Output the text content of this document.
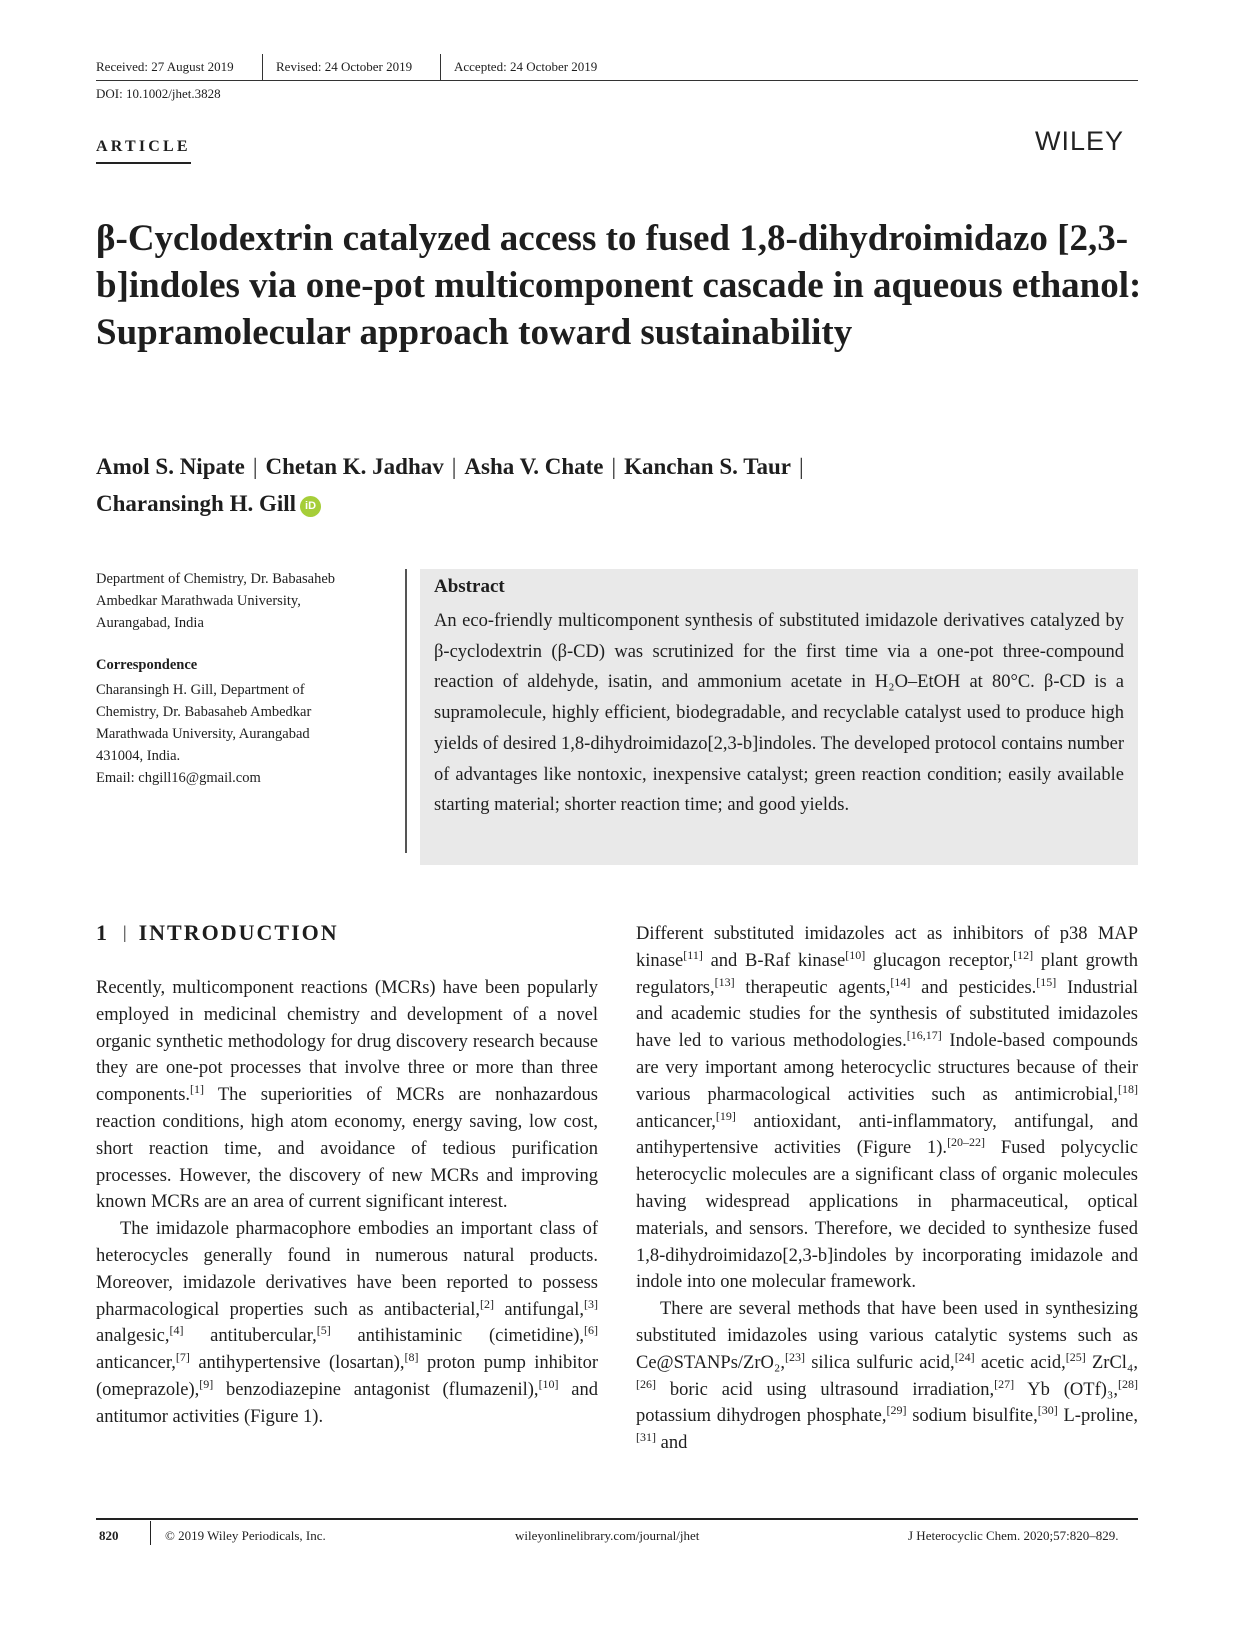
Received: 27 August 2019	Revised: 24 October 2019	Accepted: 24 October 2019
DOI: 10.1002/jhet.3828
ARTICLE	WILEY
β-Cyclodextrin catalyzed access to fused 1,8-dihydroimidazo [2,3-b]indoles via one-pot multicomponent cascade in aqueous ethanol: Supramolecular approach toward sustainability
Amol S. Nipate | Chetan K. Jadhav | Asha V. Chate | Kanchan S. Taur |
Charansingh H. Gill iD
Department of Chemistry, Dr. Babasaheb
Ambedkar Marathwada University,
Aurangabad, India
Correspondence
Charansingh H. Gill, Department of
Chemistry, Dr. Babasaheb Ambedkar
Marathwada University, Aurangabad
431004, India.
Email: chgill16@gmail.com
Abstract
An eco-friendly multicomponent synthesis of substituted imidazole derivatives catalyzed by β-cyclodextrin (β-CD) was scrutinized for the first time via a one-pot three-compound reaction of aldehyde, isatin, and ammonium acetate in H₂O–EtOH at 80°C. β-CD is a supramolecule, highly efficient, biodegradable, and recyclable catalyst used to produce high yields of desired 1,8-dihydroimidazo[2,3-b]indoles. The developed protocol contains number of advantages like nontoxic, inexpensive catalyst; green reaction condition; easily available starting material; shorter reaction time; and good yields.
1 | INTRODUCTION

Recently, multicomponent reactions (MCRs) have been popularly employed in medicinal chemistry and development of a novel organic synthetic methodology for drug discovery research because they are one-pot processes that involve three or more than three components.[1] The superiorities of MCRs are nonhazardous reaction conditions, high atom economy, energy saving, low cost, short reaction time, and avoidance of tedious purification processes. However, the discovery of new MCRs and improving known MCRs are an area of current significant interest.

The imidazole pharmacophore embodies an important class of heterocycles generally found in numerous natural products. Moreover, imidazole derivatives have been reported to possess pharmacological properties such as antibacterial,[2] antifungal,[3] analgesic,[4] antitubercular,[5] antihistaminic (cimetidine),[6] anticancer,[7] antihypertensive (losartan),[8] proton pump inhibitor (omeprazole),[9] benzodiazepine antagonist (flumazenil),[10] and antitumor activities (Figure 1).

Different substituted imidazoles act as inhibitors of p38 MAP kinase[11] and B-Raf kinase[10] glucagon receptor,[12] plant growth regulators,[13] therapeutic agents,[14] and pesticides.[15] Industrial and academic studies for the synthesis of substituted imidazoles have led to various methodologies.[16,17] Indole-based compounds are very important among heterocyclic structures because of their various pharmacological activities such as antimicrobial,[18] anticancer,[19] antioxidant, anti-inflammatory, antifungal, and antihypertensive activities (Figure 1).[20–22] Fused polycyclic heterocyclic molecules are a significant class of organic molecules having widespread applications in pharmaceutical, optical materials, and sensors. Therefore, we decided to synthesize fused 1,8-dihydroimidazo[2,3-b]indoles by incorporating imidazole and indole into one molecular framework.

There are several methods that have been used in synthesizing substituted imidazoles using various catalytic systems such as Ce@STANPs/ZrO₂,[23] silica sulfuric acid,[24] acetic acid,[25] ZrCl₄,[26] boric acid using ultrasound irradiation,[27] Yb (OTf)₃,[28] potassium dihydrogen phosphate,[29] sodium bisulfite,[30] L-proline,[31] and

820	© 2019 Wiley Periodicals, Inc.	wileyonlinelibrary.com/journal/jhet	J Heterocyclic Chem. 2020;57:820–829.
